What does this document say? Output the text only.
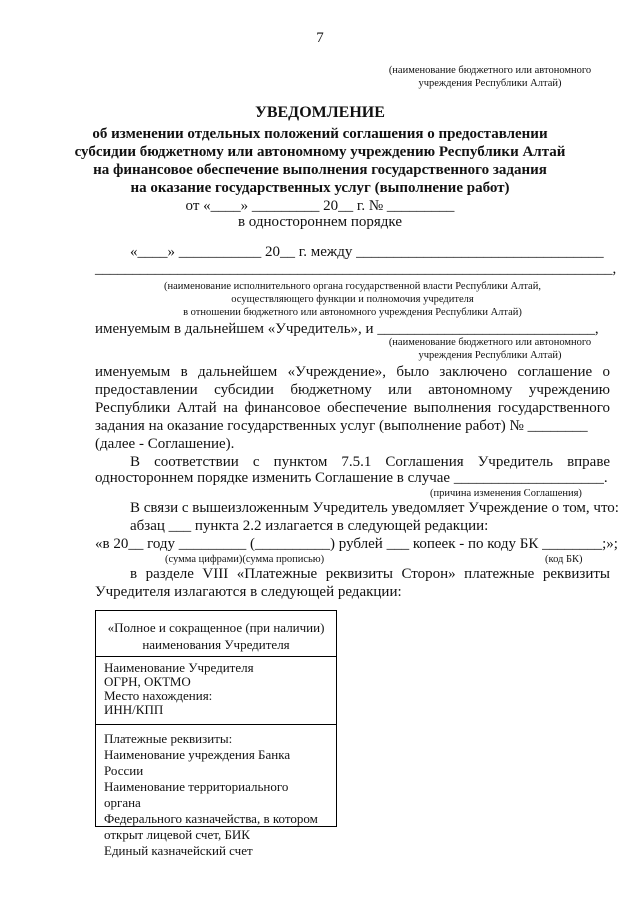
7
(наименование бюджетного или автономного
учреждения Республики Алтай)
УВЕДОМЛЕНИЕ
об изменении отдельных положений соглашения о предоставлении
субсидии бюджетному или автономному учреждению Республики Алтай
на финансовое обеспечение выполнения государственного задания
на оказание государственных услуг (выполнение работ)
от «____» _________ 20__ г. № _________
в одностороннем порядке
«____» ___________ 20__ г. между _________________________________
_____________________________________________________________________,
(наименование исполнительного органа государственной власти Республики Алтай,
осуществляющего функции и полномочия учредителя
в отношении бюджетного или автономного учреждения Республики Алтай)
именуемым в дальнейшем «Учредитель», и _____________________________,
(наименование бюджетного или автономного
учреждения Республики Алтай)
именуемым в дальнейшем «Учреждение», было заключено соглашение о
предоставлении субсидии бюджетному или автономному учреждению
Республики Алтай на финансовое обеспечение выполнения государственного
задания на оказание государственных услуг (выполнение работ) № ________
(далее - Соглашение).
В соответствии с пунктом 7.5.1 Соглашения Учредитель вправе
одностороннем порядке изменить Соглашение в случае ____________________.
(причина изменения Соглашения)
В связи с вышеизложенным Учредитель уведомляет Учреждение о том, что:
абзац ___ пункта 2.2 излагается в следующей редакции:
«в 20__ году _________ (__________) рублей ___ копеек - по коду БК ________;»;
(сумма цифрами)(сумма прописью)	(код БК)
в разделе VIII «Платежные реквизиты Сторон» платежные реквизиты
Учредителя излагаются в следующей редакции:
«Полное и сокращенное (при наличии)
наименования Учредителя
Наименование Учредителя
ОГРН, ОКТМО
Место нахождения:
ИНН/КПП
Платежные реквизиты:
Наименование учреждения Банка России
Наименование территориального органа
Федерального казначейства, в котором
открыт лицевой счет, БИК
Единый казначейский счет
